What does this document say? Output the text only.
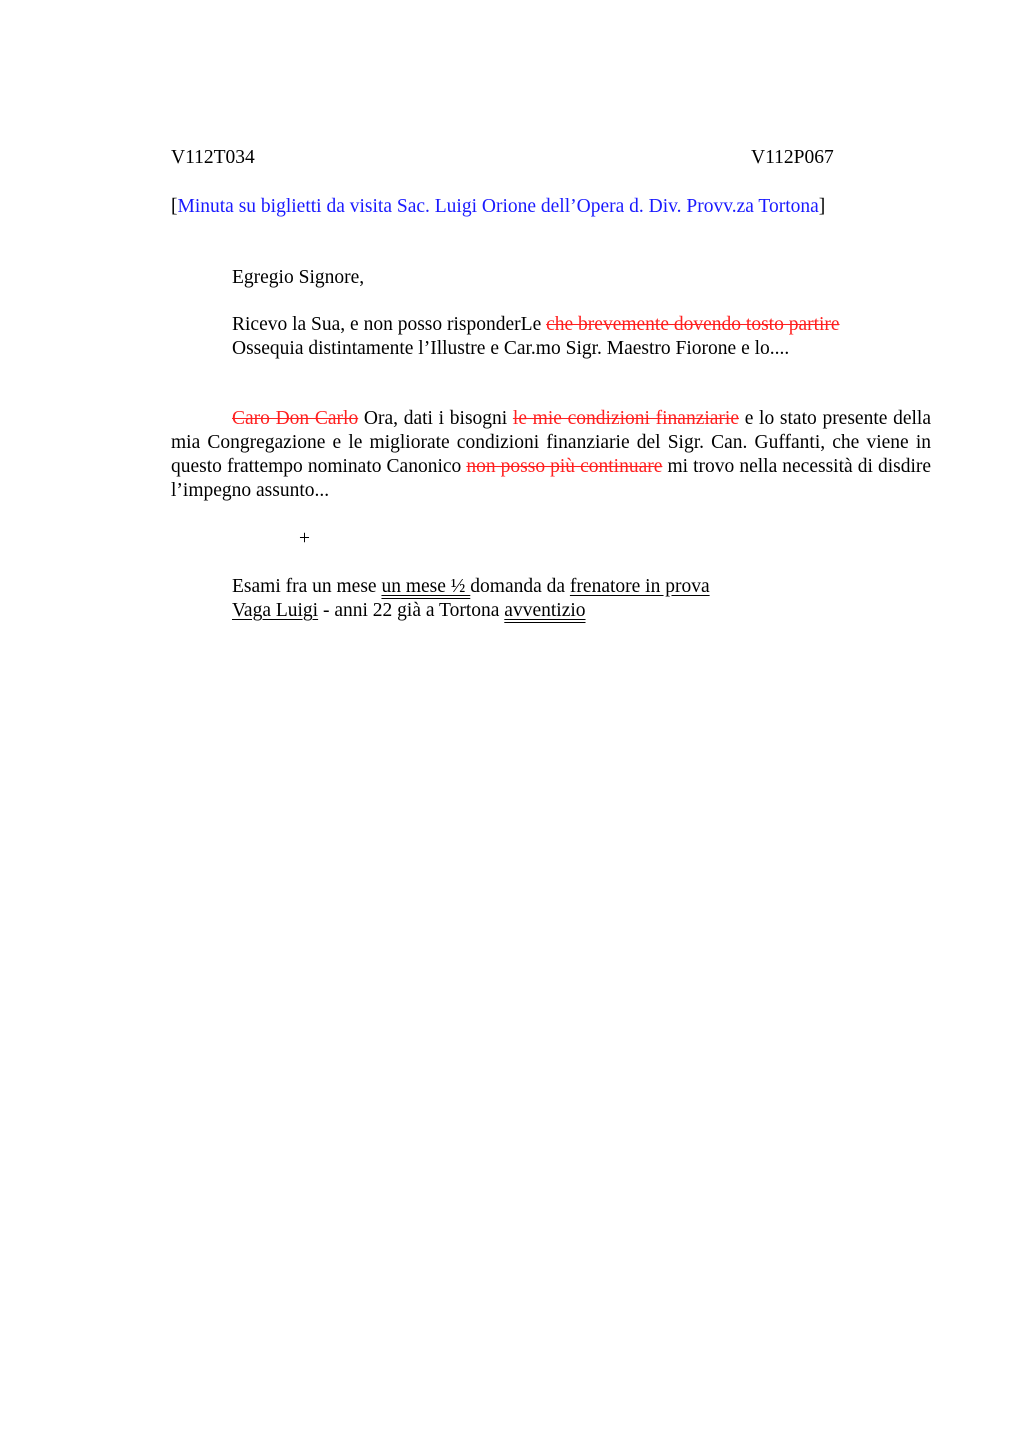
V112T034	V112P067
[Minuta su biglietti da visita Sac. Luigi Orione dell’Opera d. Div. Provv.za Tortona]
Egregio Signore,
Ricevo la Sua, e non posso risponderLe che brevemente dovendo tosto partire
Ossequia distintamente l’Illustre e Car.mo Sigr. Maestro Fiorone e lo....
Caro Don Carlo Ora, dati i bisogni le mie condizioni finanziarie e lo stato presente della mia Congregazione e le migliorate condizioni finanziarie del Sigr. Can. Guffanti, che viene in questo frattempo nominato Canonico non posso più continuare mi trovo nella necessità di disdire l’impegno assunto...
+
Esami fra un mese un mese ½ domanda da frenatore in prova
Vaga Luigi - anni 22 già a Tortona avventizio
